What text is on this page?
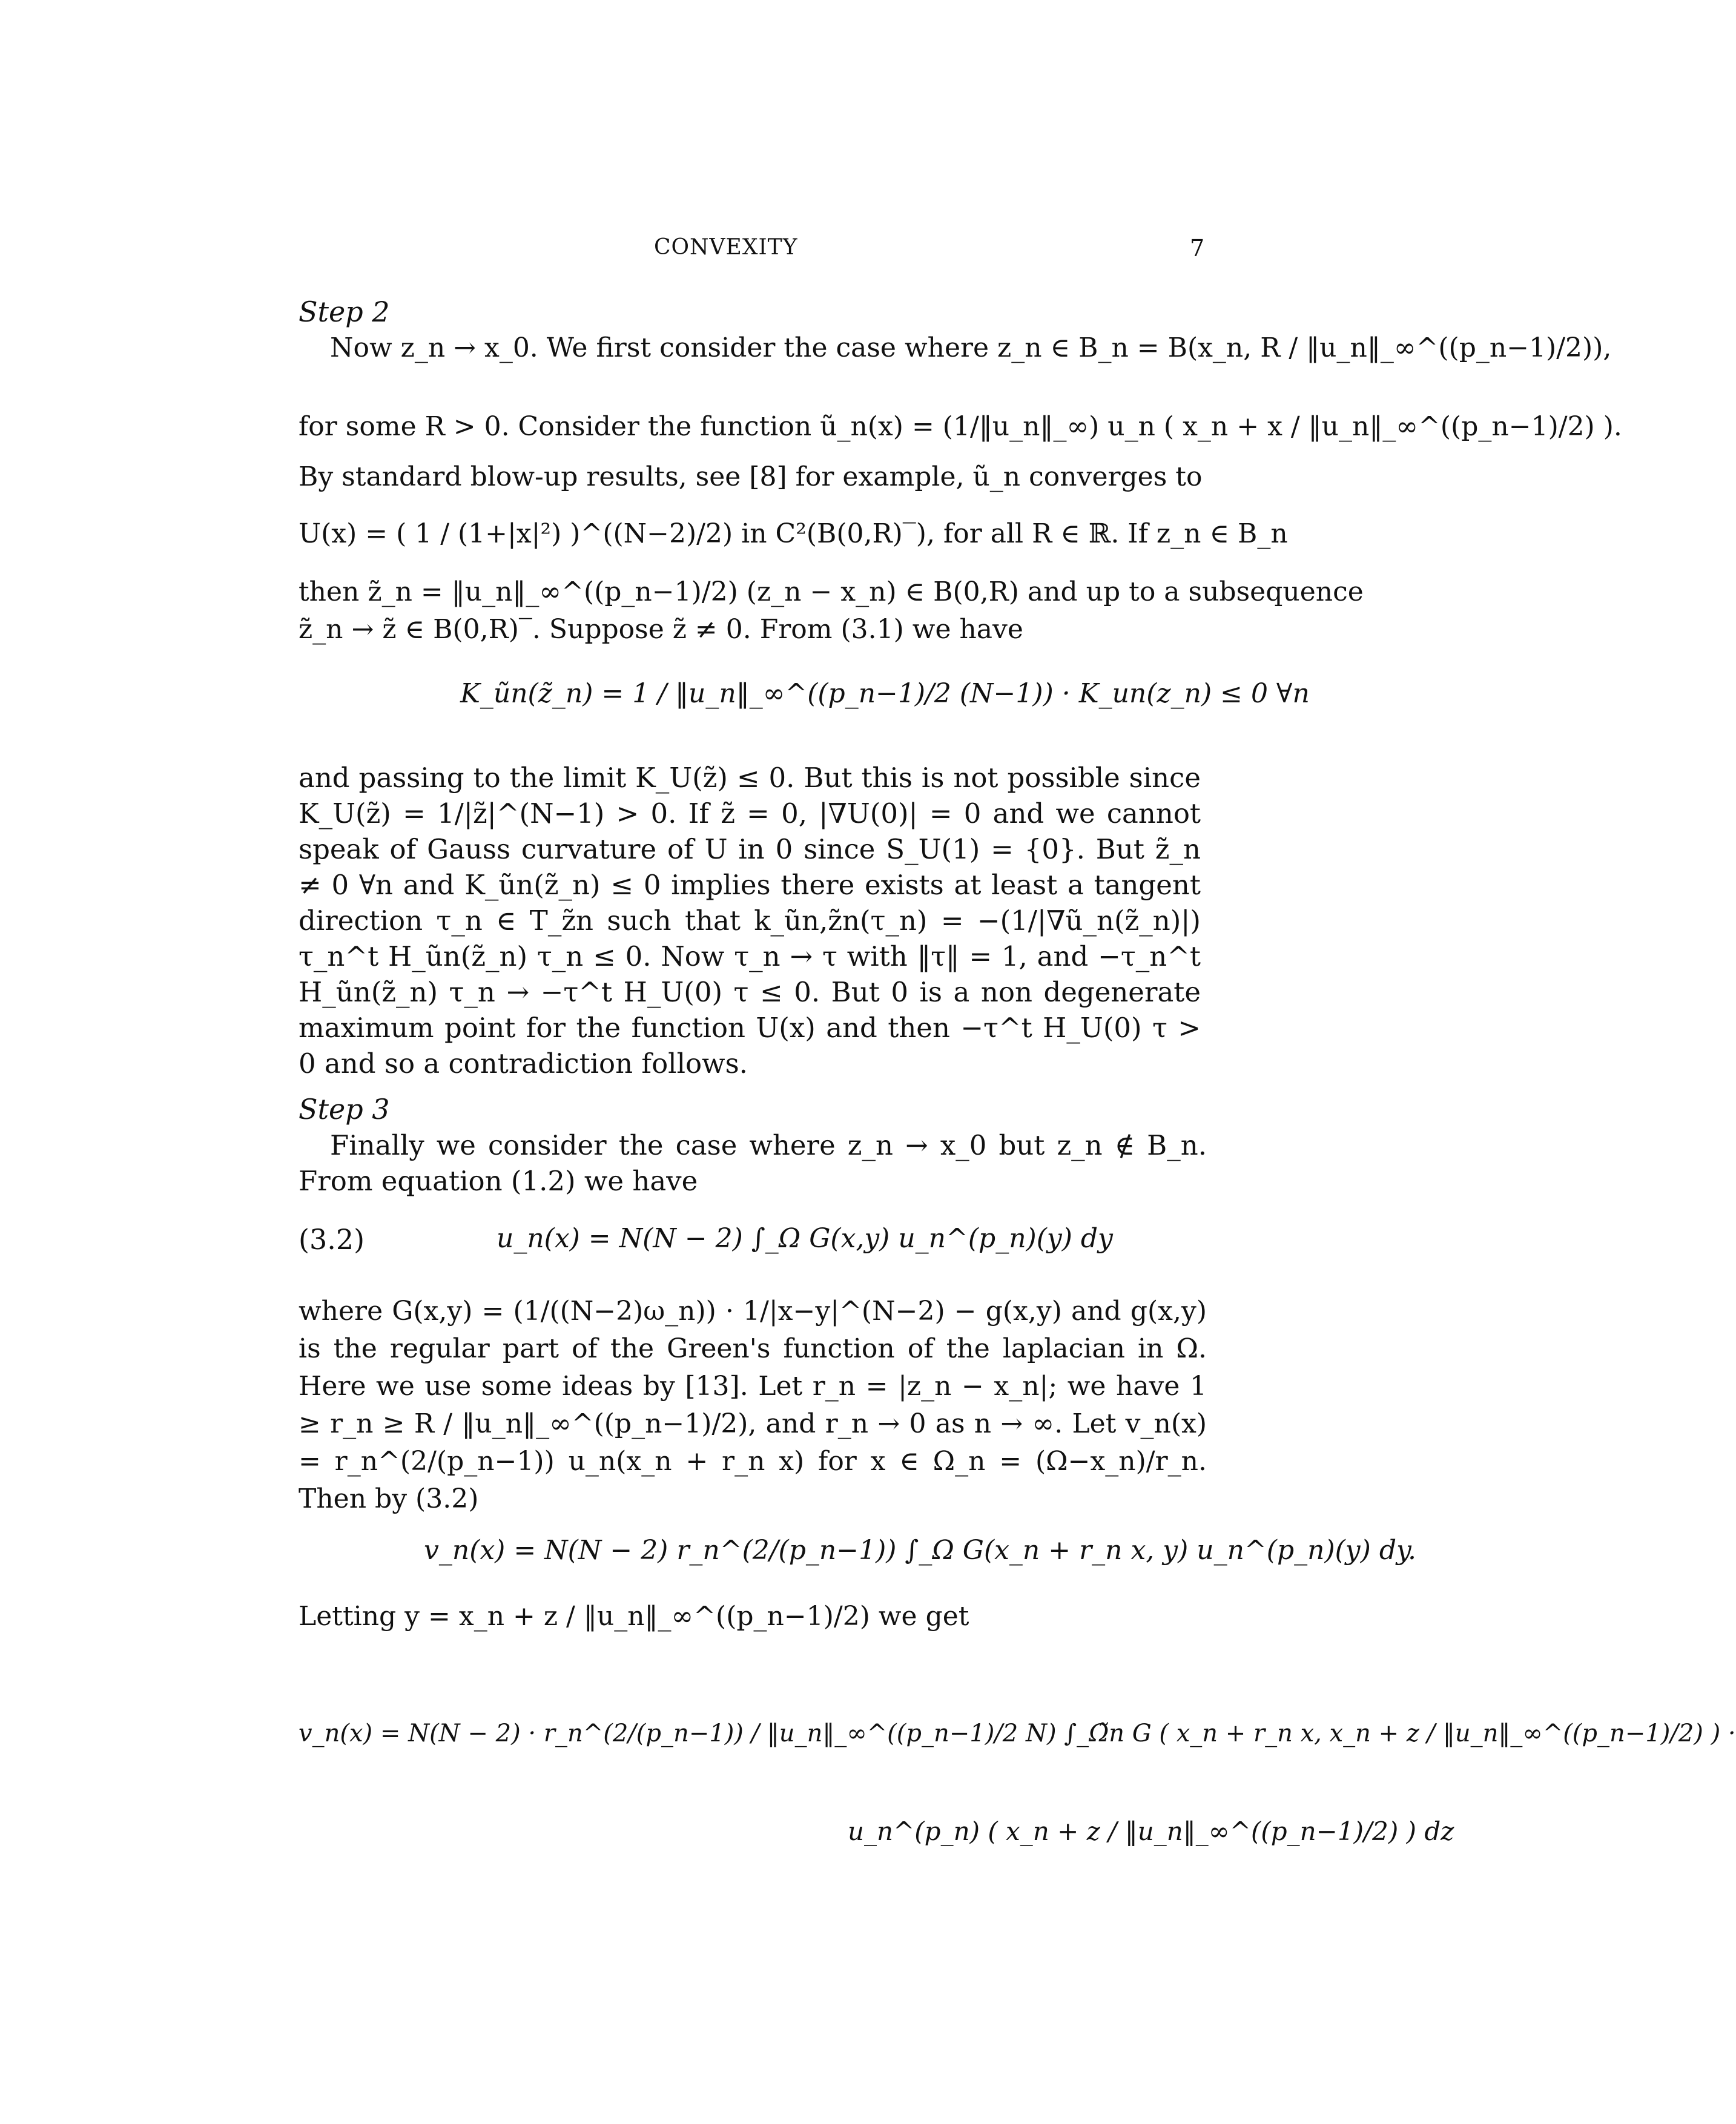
CONVEXITY	7
Step 2
Now z_n → x_0. We first consider the case where z_n ∈ B_n = B(x_n, R / ‖u_n‖_∞^((p_n−1)/2)),
for some R > 0. Consider the function ũ_n(x) = (1/‖u_n‖_∞) u_n ( x_n + x / ‖u_n‖_∞^((p_n−1)/2) ).
By standard blow-up results, see [8] for example, ũ_n converges to
U(x) = ( 1 / (1+|x|²) )^((N−2)/2) in C²(B(0,R)‾), for all R ∈ ℝ. If z_n ∈ B_n
then z̃_n = ‖u_n‖_∞^((p_n−1)/2) (z_n − x_n) ∈ B(0,R) and up to a subsequence
z̃_n → z̃ ∈ B(0,R)‾. Suppose z̃ ≠ 0. From (3.1) we have
K_ũn(z̃_n) = 1 / ‖u_n‖_∞^((p_n−1)/2 (N−1)) · K_un(z_n) ≤ 0 ∀n
and passing to the limit K_U(z̃) ≤ 0. But this is not possible since K_U(z̃) = 1/|z̃|^(N−1) > 0. If z̃ = 0, |∇U(0)| = 0 and we cannot speak of Gauss curvature of U in 0 since S_U(1) = {0}. But z̃_n ≠ 0 ∀n and K_ũn(z̃_n) ≤ 0 implies there exists at least a tangent direction τ_n ∈ T_z̃n such that k_ũn,z̃n(τ_n) = −(1/|∇ũ_n(z̃_n)|) τ_n^t H_ũn(z̃_n) τ_n ≤ 0. Now τ_n → τ with ‖τ‖ = 1, and −τ_n^t H_ũn(z̃_n) τ_n → −τ^t H_U(0) τ ≤ 0. But 0 is a non degenerate maximum point for the function U(x) and then −τ^t H_U(0) τ > 0 and so a contradiction follows.
Step 3
Finally we consider the case where z_n → x_0 but z_n ∉ B_n. From equation (1.2) we have
(3.2)	u_n(x) = N(N − 2) ∫_Ω G(x,y) u_n^(p_n)(y) dy
where G(x,y) = (1/((N−2)ω_n)) · 1/|x−y|^(N−2) − g(x,y) and g(x,y) is the regular part of the Green's function of the laplacian in Ω. Here we use some ideas by [13]. Let r_n = |z_n − x_n|; we have 1 ≥ r_n ≥ R / ‖u_n‖_∞^((p_n−1)/2), and r_n → 0 as n → ∞. Let v_n(x) = r_n^(2/(p_n−1)) u_n(x_n + r_n x) for x ∈ Ω_n = (Ω−x_n)/r_n. Then by (3.2)
v_n(x) = N(N − 2) r_n^(2/(p_n−1)) ∫_Ω G(x_n + r_n x, y) u_n^(p_n)(y) dy.
Letting y = x_n + z / ‖u_n‖_∞^((p_n−1)/2) we get
v_n(x) = N(N − 2) · r_n^(2/(p_n−1)) / ‖u_n‖_∞^((p_n−1)/2 N) ∫_Ω̃n G ( x_n + r_n x, x_n + z / ‖u_n‖_∞^((p_n−1)/2) ) ·
u_n^(p_n) ( x_n + z / ‖u_n‖_∞^((p_n−1)/2) ) dz
